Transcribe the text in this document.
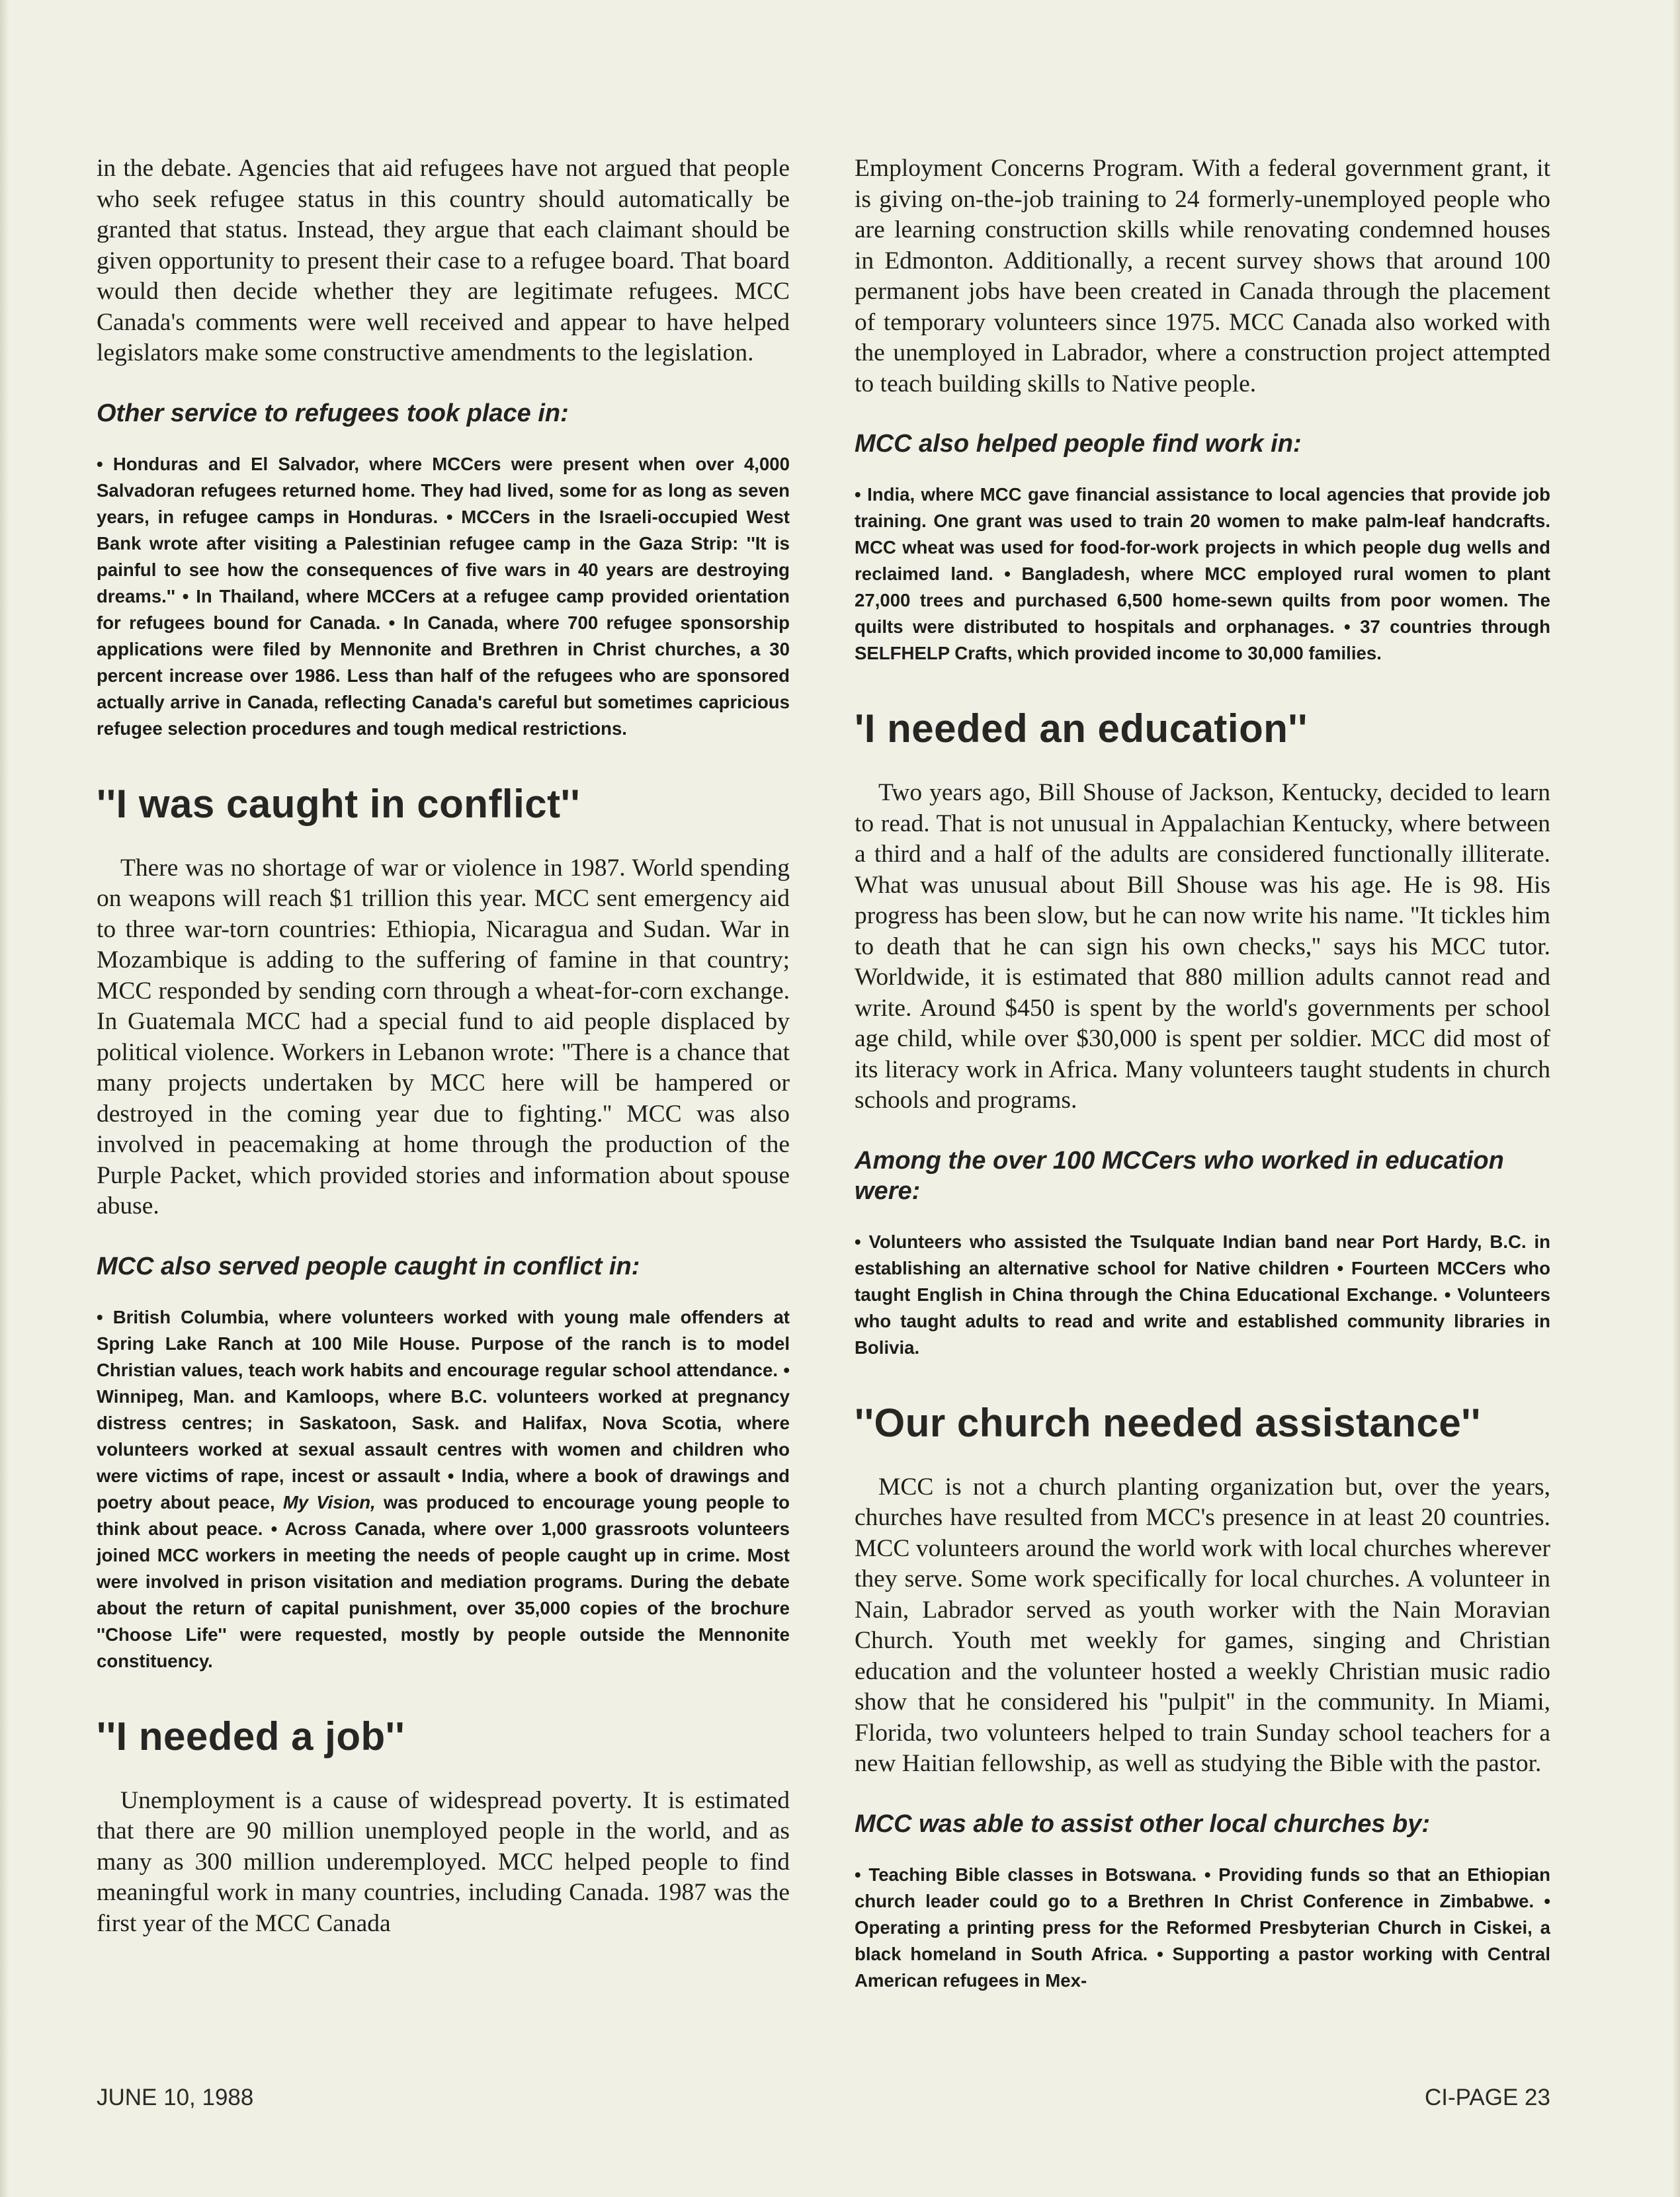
in the debate. Agencies that aid refugees have not argued that people who seek refugee status in this country should automatically be granted that status. Instead, they argue that each claimant should be given opportunity to present their case to a refugee board. That board would then decide whether they are legitimate refugees. MCC Canada's comments were well received and appear to have helped legislators make some constructive amendments to the legislation.

Other service to refugees took place in:

• Honduras and El Salvador, where MCCers were present when over 4,000 Salvadoran refugees returned home. They had lived, some for as long as seven years, in refugee camps in Honduras. • MCCers in the Israeli-occupied West Bank wrote after visiting a Palestinian refugee camp in the Gaza Strip: ''It is painful to see how the consequences of five wars in 40 years are destroying dreams.'' • In Thailand, where MCCers at a refugee camp provided orientation for refugees bound for Canada. • In Canada, where 700 refugee sponsorship applications were filed by Mennonite and Brethren in Christ churches, a 30 percent increase over 1986. Less than half of the refugees who are sponsored actually arrive in Canada, reflecting Canada's careful but sometimes capricious refugee selection procedures and tough medical restrictions.

''I was caught in conflict''

There was no shortage of war or violence in 1987. World spending on weapons will reach $1 trillion this year. MCC sent emergency aid to three war-torn countries: Ethiopia, Nicaragua and Sudan. War in Mozambique is adding to the suffering of famine in that country; MCC responded by sending corn through a wheat-for-corn exchange. In Guatemala MCC had a special fund to aid people displaced by political violence. Workers in Lebanon wrote: ''There is a chance that many projects undertaken by MCC here will be hampered or destroyed in the coming year due to fighting.'' MCC was also involved in peacemaking at home through the production of the Purple Packet, which provided stories and information about spouse abuse.

MCC also served people caught in conflict in:

• British Columbia, where volunteers worked with young male offenders at Spring Lake Ranch at 100 Mile House. Purpose of the ranch is to model Christian values, teach work habits and encourage regular school attendance. • Winnipeg, Man. and Kamloops, where B.C. volunteers worked at pregnancy distress centres; in Saskatoon, Sask. and Halifax, Nova Scotia, where volunteers worked at sexual assault centres with women and children who were victims of rape, incest or assault • India, where a book of drawings and poetry about peace, My Vision, was produced to encourage young people to think about peace. • Across Canada, where over 1,000 grassroots volunteers joined MCC workers in meeting the needs of people caught up in crime. Most were involved in prison visitation and mediation programs. During the debate about the return of capital punishment, over 35,000 copies of the brochure ''Choose Life'' were requested, mostly by people outside the Mennonite constituency.

''I needed a job''

Unemployment is a cause of widespread poverty. It is estimated that there are 90 million unemployed people in the world, and as many as 300 million underemployed. MCC helped people to find meaningful work in many countries, including Canada. 1987 was the first year of the MCC Canada

Employment Concerns Program. With a federal government grant, it is giving on-the-job training to 24 formerly-unemployed people who are learning construction skills while renovating condemned houses in Edmonton. Additionally, a recent survey shows that around 100 permanent jobs have been created in Canada through the placement of temporary volunteers since 1975. MCC Canada also worked with the unemployed in Labrador, where a construction project attempted to teach building skills to Native people.

MCC also helped people find work in:

• India, where MCC gave financial assistance to local agencies that provide job training. One grant was used to train 20 women to make palm-leaf handcrafts. MCC wheat was used for food-for-work projects in which people dug wells and reclaimed land. • Bangladesh, where MCC employed rural women to plant 27,000 trees and purchased 6,500 home-sewn quilts from poor women. The quilts were distributed to hospitals and orphanages. • 37 countries through SELFHELP Crafts, which provided income to 30,000 families.

'I needed an education''

Two years ago, Bill Shouse of Jackson, Kentucky, decided to learn to read. That is not unusual in Appalachian Kentucky, where between a third and a half of the adults are considered functionally illiterate. What was unusual about Bill Shouse was his age. He is 98. His progress has been slow, but he can now write his name. ''It tickles him to death that he can sign his own checks,'' says his MCC tutor. Worldwide, it is estimated that 880 million adults cannot read and write. Around $450 is spent by the world's governments per school age child, while over $30,000 is spent per soldier. MCC did most of its literacy work in Africa. Many volunteers taught students in church schools and programs.

Among the over 100 MCCers who worked in education were:

• Volunteers who assisted the Tsulquate Indian band near Port Hardy, B.C. in establishing an alternative school for Native children • Fourteen MCCers who taught English in China through the China Educational Exchange. • Volunteers who taught adults to read and write and established community libraries in Bolivia.

''Our church needed assistance''

MCC is not a church planting organization but, over the years, churches have resulted from MCC's presence in at least 20 countries. MCC volunteers around the world work with local churches wherever they serve. Some work specifically for local churches. A volunteer in Nain, Labrador served as youth worker with the Nain Moravian Church. Youth met weekly for games, singing and Christian education and the volunteer hosted a weekly Christian music radio show that he considered his ''pulpit'' in the community. In Miami, Florida, two volunteers helped to train Sunday school teachers for a new Haitian fellowship, as well as studying the Bible with the pastor.

MCC was able to assist other local churches by:

• Teaching Bible classes in Botswana. • Providing funds so that an Ethiopian church leader could go to a Brethren In Christ Conference in Zimbabwe. • Operating a printing press for the Reformed Presbyterian Church in Ciskei, a black homeland in South Africa. • Supporting a pastor working with Central American refugees in Mex-

JUNE 10, 1988	CI-PAGE 23
